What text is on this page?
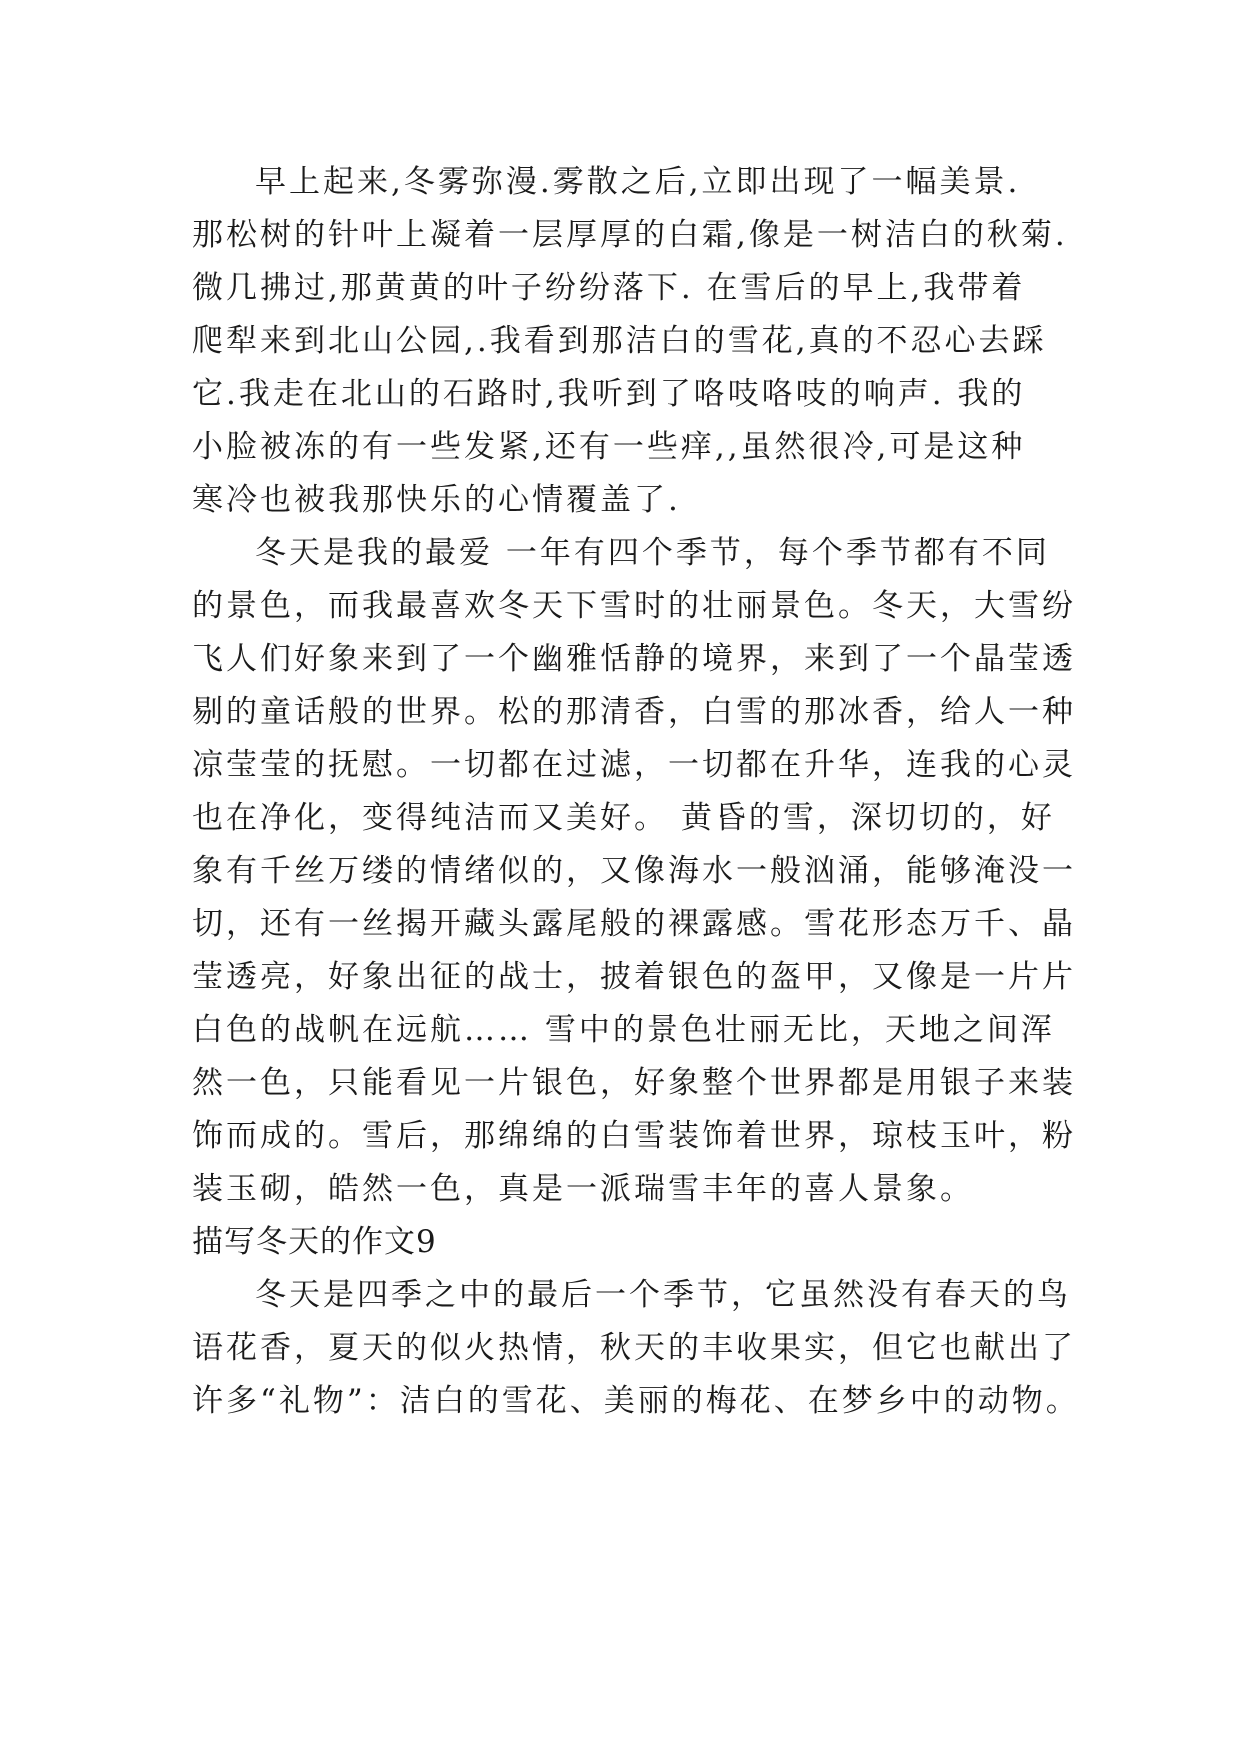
早上起来,冬雾弥漫.雾散之后,立即出现了一幅美景.
那松树的针叶上凝着一层厚厚的白霜,像是一树洁白的秋菊.
微几拂过,那黄黄的叶子纷纷落下. 在雪后的早上,我带着
爬犁来到北山公园,.我看到那洁白的雪花,真的不忍心去踩
它.我走在北山的石路时,我听到了咯吱咯吱的响声. 我的
小脸被冻的有一些发紧,还有一些痒,,虽然很冷,可是这种
寒冷也被我那快乐的心情覆盖了.
冬天是我的最爱 一年有四个季节，每个季节都有不同
的景色，而我最喜欢冬天下雪时的壮丽景色。冬天，大雪纷
飞人们好象来到了一个幽雅恬静的境界，来到了一个晶莹透
剔的童话般的世界。松的那清香，白雪的那冰香，给人一种
凉莹莹的抚慰。一切都在过滤，一切都在升华，连我的心灵
也在净化，变得纯洁而又美好。 黄昏的雪，深切切的，好
象有千丝万缕的情绪似的，又像海水一般汹涌，能够淹没一
切，还有一丝揭开藏头露尾般的裸露感。雪花形态万千、晶
莹透亮，好象出征的战士，披着银色的盔甲，又像是一片片
白色的战帆在远航…… 雪中的景色壮丽无比，天地之间浑
然一色，只能看见一片银色，好象整个世界都是用银子来装
饰而成的。雪后，那绵绵的白雪装饰着世界，琼枝玉叶，粉
装玉砌，皓然一色，真是一派瑞雪丰年的喜人景象。
描写冬天的作文9
冬天是四季之中的最后一个季节，它虽然没有春天的鸟
语花香，夏天的似火热情，秋天的丰收果实，但它也献出了
许多“礼物”：洁白的雪花、美丽的梅花、在梦乡中的动物。
